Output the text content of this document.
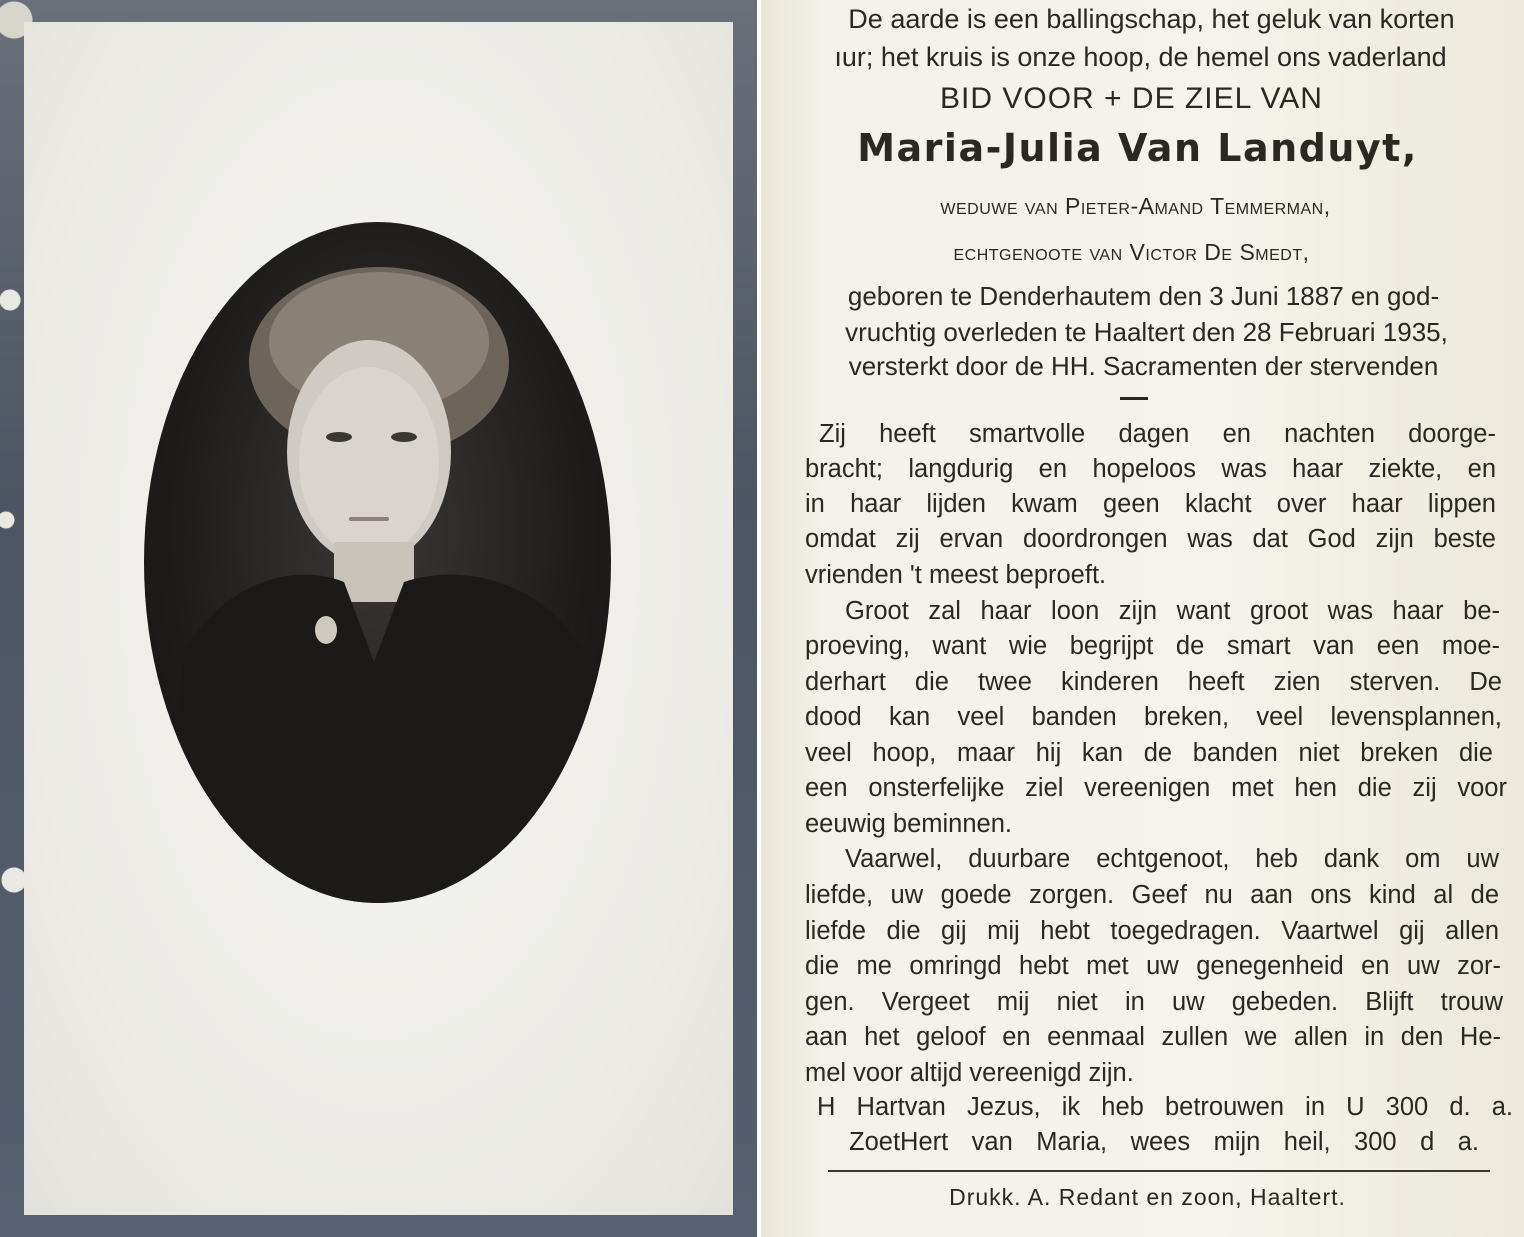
De aarde is een ballingschap, het geluk van korten
ıur; het kruis is onze hoop, de hemel ons vaderland
BID VOOR + DE ZIEL VAN
Maria-Julia Van Landuyt,
weduwe van Pieter-Amand Temmerman,
echtgenoote van Victor De Smedt,
geboren te Denderhautem den 3 Juni 1887 en god-
vruchtig overleden te Haaltert den 28 Februari 1935,
versterkt door de HH. Sacramenten der stervenden
Zij heeft smartvolle dagen en nachten doorge-
bracht; langdurig en hopeloos was haar ziekte, en
in haar lijden kwam geen klacht over haar lippen
omdat zij ervan doordrongen was dat God zijn beste
vrienden 't meest beproeft.
Groot zal haar loon zijn want groot was haar be-
proeving, want wie begrijpt de smart van een moe-
derhart die twee kinderen heeft zien sterven. De
dood kan veel banden breken, veel levensplannen,
veel hoop, maar hij kan de banden niet breken die
een onsterfelijke ziel vereenigen met hen die zij voor
eeuwig beminnen.
Vaarwel, duurbare echtgenoot, heb dank om uw
liefde, uw goede zorgen. Geef nu aan ons kind al de
liefde die gij mij hebt toegedragen. Vaartwel gij allen
die me omringd hebt met uw genegenheid en uw zor-
gen. Vergeet mij niet in uw gebeden. Blijft trouw
aan het geloof en eenmaal zullen we allen in den He-
mel voor altijd vereenigd zijn.
H Hartvan Jezus, ik heb betrouwen in U 300 d. a.
ZoetHert van Maria, wees mijn heil, 300 d a.
Drukk. A. Redant en zoon, Haaltert.
